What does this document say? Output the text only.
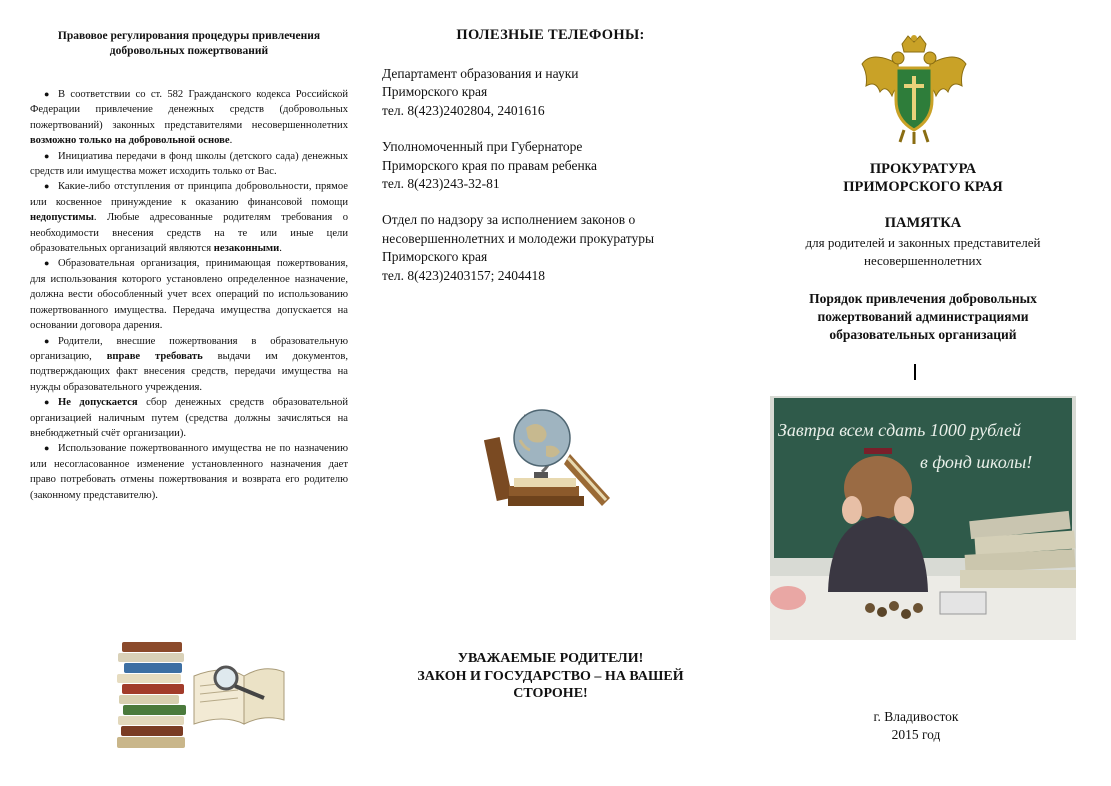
Правовое регулирования процедуры привлечения добровольных пожертвований
● В соответствии со ст. 582 Гражданского кодекса Российской Федерации привлечение денежных средств (добровольных пожертвований) законных представителями несовершеннолетних возможно только на добровольной основе.
● Инициатива передачи в фонд школы (детского сада) денежных средств или имущества может исходить только от Вас.
● Какие-либо отступления от принципа добровольности, прямое или косвенное принуждение к оказанию финансовой помощи недопустимы. Любые адресованные родителям требования о необходимости внесения средств на те или иные цели образовательных организаций являются незаконными.
● Образовательная организация, принимающая пожертвования, для использования которого установлено определенное назначение, должна вести обособленный учет всех операций по использованию пожертвованного имущества. Передача имущества допускается на основании договора дарения.
● Родители, внесшие пожертвования в образовательную организацию, вправе требовать выдачи им документов, подтверждающих факт внесения средств, передачи имущества на нужды образовательного учреждения.
● Не допускается сбор денежных средств образовательной организацией наличным путем (средства должны зачисляться на внебюджетный счёт организации).
● Использование пожертвованного имущества не по назначению или несогласованное изменение установленного назначения дает право потребовать отмены пожертвования и возврата его родителю (законному представителю).
ПОЛЕЗНЫЕ ТЕЛЕФОНЫ:
Департамент образования и науки
Приморского края
тел. 8(423)2402804, 2401616
Уполномоченный при Губернаторе
Приморского края по правам ребенка
тел. 8(423)243-32-81
Отдел по надзору за исполнением законов о
несовершеннолетних и молодежи прокуратуры
Приморского края
тел. 8(423)2403157; 2404418
УВАЖАЕМЫЕ РОДИТЕЛИ!
ЗАКОН И ГОСУДАРСТВО – НА ВАШЕЙ
СТОРОНЕ!
ПРОКУРАТУРА
ПРИМОРСКОГО КРАЯ
ПАМЯТКА
для родителей и законных представителей
несовершеннолетних
Порядок привлечения добровольных
пожертвований администрациями
образовательных организаций
Завтра всем сдать 1000 рублей
в фонд школы!
г. Владивосток
2015 год
